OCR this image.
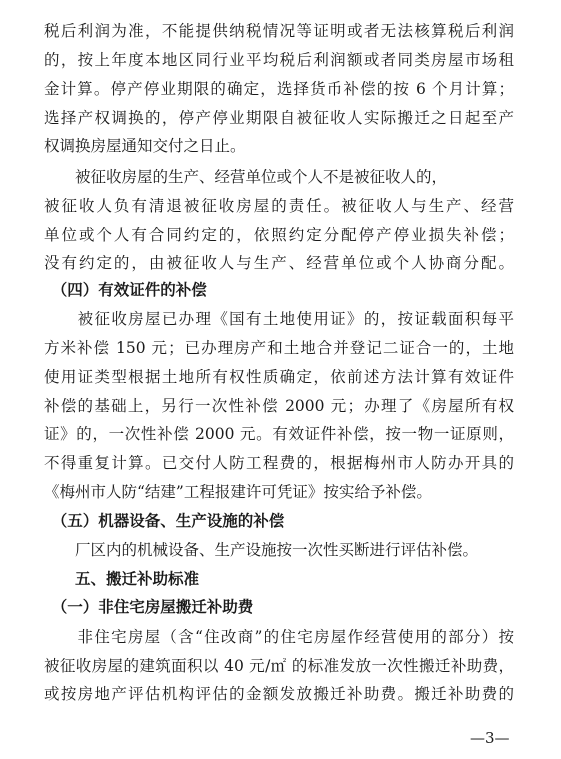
税后利润为准，不能提供纳税情况等证明或者无法核算税后利润
的，按上年度本地区同行业平均税后利润额或者同类房屋市场租
金计算。停产停业期限的确定，选择货币补偿的按 6 个月计算；
选择产权调换的，停产停业期限自被征收人实际搬迁之日起至产
权调换房屋通知交付之日止。
　　被征收房屋的生产、经营单位或个人不是被征收人的，
被征收人负有清退被征收房屋的责任。被征收人与生产、经营
单位或个人有合同约定的，依照约定分配停产停业损失补偿；
没有约定的，由被征收人与生产、经营单位或个人协商分配。
　（四）有效证件的补偿
　　被征收房屋已办理《国有土地使用证》的，按证载面积每平
方米补偿 150 元；已办理房产和土地合并登记二证合一的，土地
使用证类型根据土地所有权性质确定，依前述方法计算有效证件
补偿的基础上，另行一次性补偿 2000 元；办理了《房屋所有权
证》的，一次性补偿 2000 元。有效证件补偿，按一物一证原则，
不得重复计算。已交付人防工程费的，根据梅州市人防办开具的
《梅州市人防“结建”工程报建许可凭证》按实给予补偿。
　（五）机器设备、生产设施的补偿
　　厂区内的机械设备、生产设施按一次性买断进行评估补偿。
　　五、搬迁补助标准
　（一）非住宅房屋搬迁补助费
　　非住宅房屋（含“住改商”的住宅房屋作经营使用的部分）按
被征收房屋的建筑面积以 40 元/㎡ 的标准发放一次性搬迁补助费，
或按房地产评估机构评估的金额发放搬迁补助费。搬迁补助费的
—3—
